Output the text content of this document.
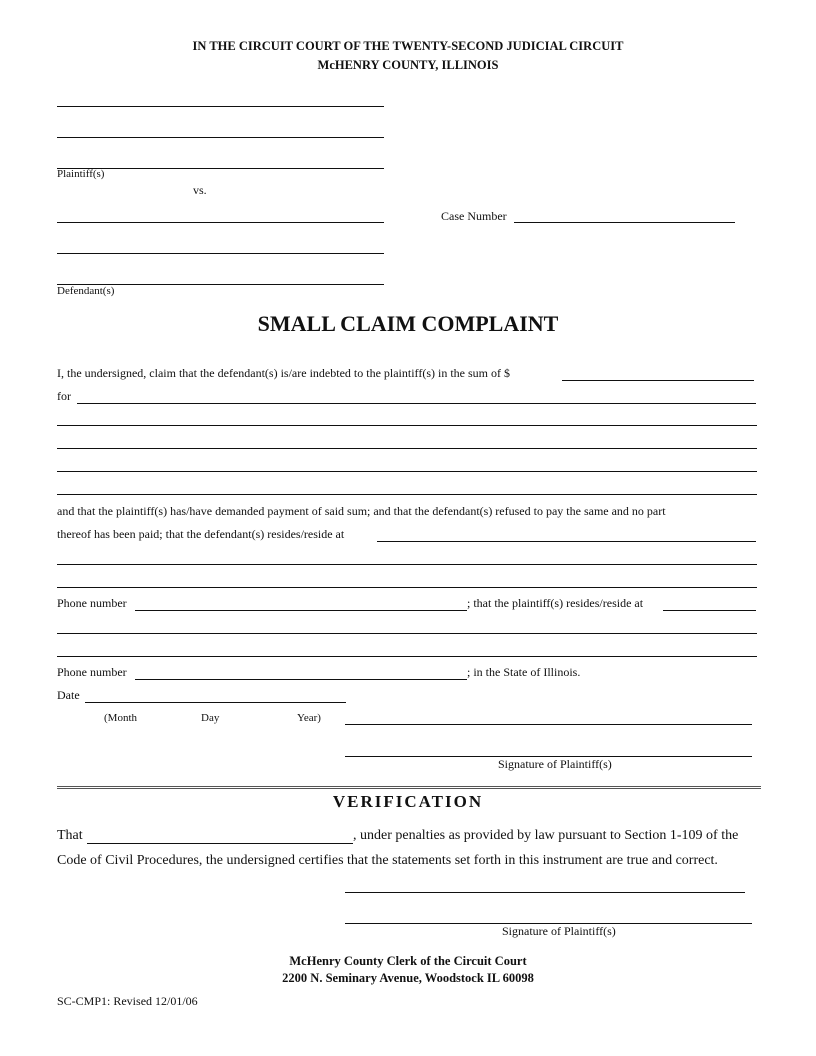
IN THE CIRCUIT COURT OF THE TWENTY-SECOND JUDICIAL CIRCUIT
McHENRY COUNTY, ILLINOIS
Plaintiff(s)
vs.
Defendant(s)
Case Number
SMALL CLAIM COMPLAINT
I, the undersigned, claim that the defendant(s) is/are indebted to the plaintiff(s) in the sum of $
for
and that the plaintiff(s) has/have demanded payment of said sum; and that the defendant(s) refused to pay the same and no part
thereof has been paid; that the defendant(s) resides/reside at
Phone number	; that the plaintiff(s) resides/reside at
Phone number	; in the State of Illinois.
Date
(Month	Day	Year)
Signature of Plaintiff(s)
VERIFICATION
That	, under penalties as provided by law pursuant to Section 1-109 of the
Code of Civil Procedures, the undersigned certifies that the statements set forth in this instrument are true and correct.
Signature of Plaintiff(s)
McHenry County Clerk of the Circuit Court
2200 N. Seminary Avenue, Woodstock IL 60098
SC-CMP1: Revised 12/01/06
